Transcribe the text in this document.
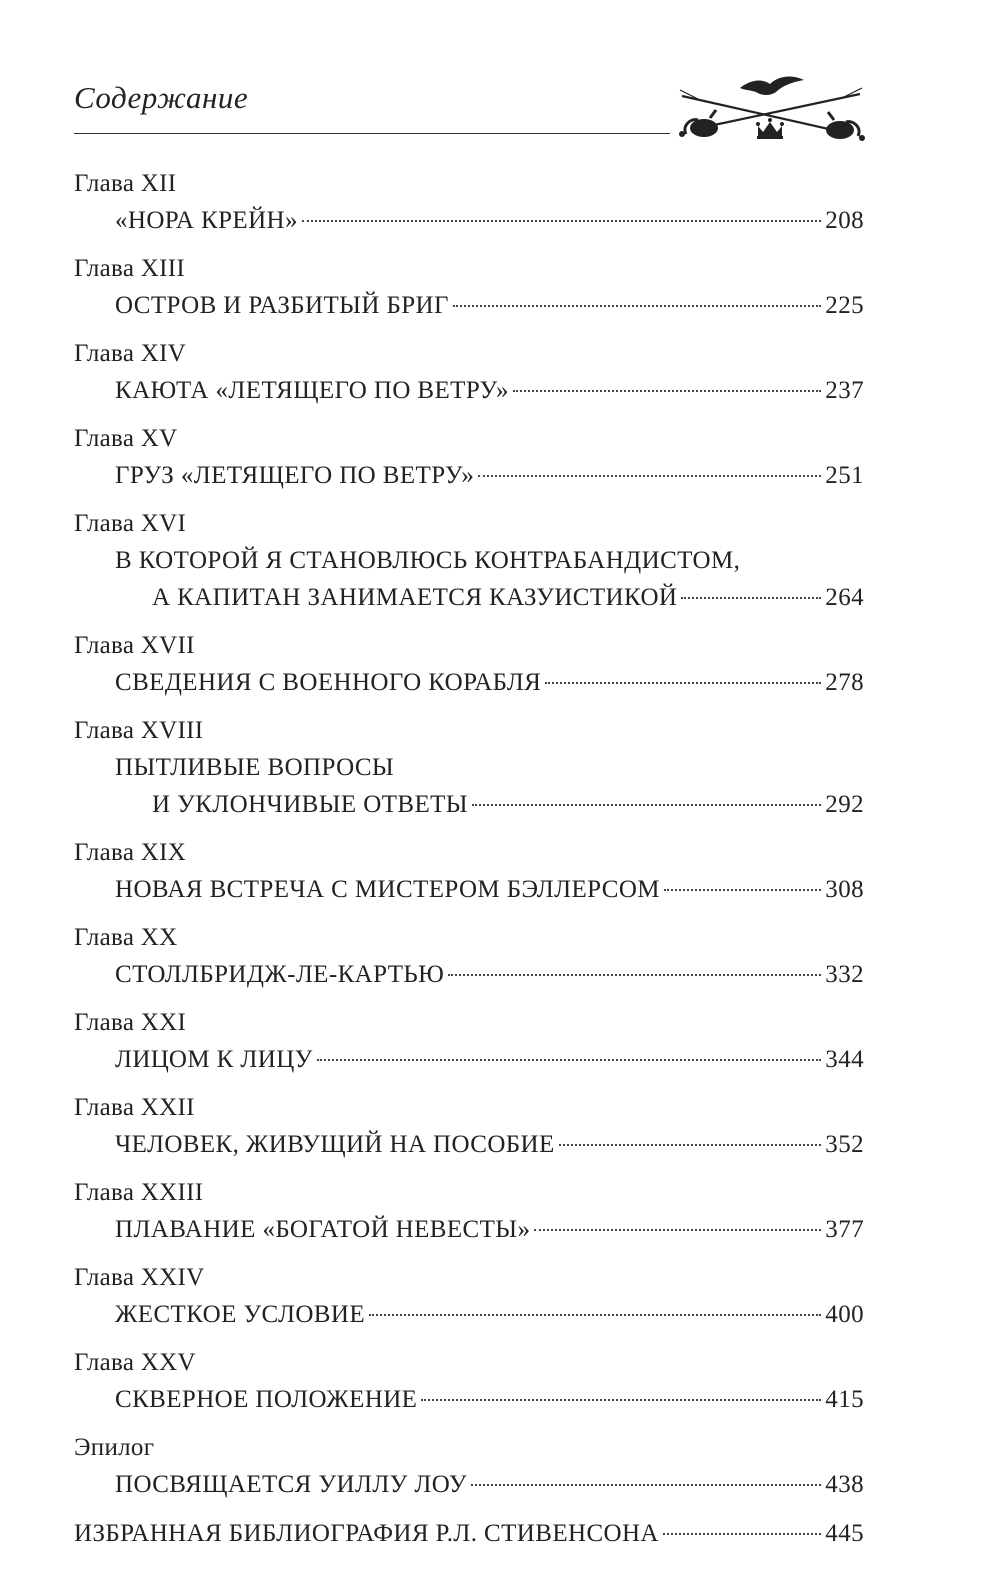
Содержание
Глава XII
«НОРА КРЕЙН»	208
Глава XIII
ОСТРОВ И РАЗБИТЫЙ БРИГ	225
Глава XIV
КАЮТА «ЛЕТЯЩЕГО ПО ВЕТРУ»	237
Глава XV
ГРУЗ «ЛЕТЯЩЕГО ПО ВЕТРУ»	251
Глава XVI
В КОТОРОЙ Я СТАНОВЛЮСЬ КОНТРАБАНДИСТОМ,
А КАПИТАН ЗАНИМАЕТСЯ КАЗУИСТИКОЙ	264
Глава XVII
СВЕДЕНИЯ С ВОЕННОГО КОРАБЛЯ	278
Глава XVIII
ПЫТЛИВЫЕ ВОПРОСЫ
И УКЛОНЧИВЫЕ ОТВЕТЫ	292
Глава XIX
НОВАЯ ВСТРЕЧА С МИСТЕРОМ БЭЛЛЕРСОМ	308
Глава XX
СТОЛЛБРИДЖ-ЛЕ-КАРТЬЮ	332
Глава XXI
ЛИЦОМ К ЛИЦУ	344
Глава XXII
ЧЕЛОВЕК, ЖИВУЩИЙ НА ПОСОБИЕ	352
Глава XXIII
ПЛАВАНИЕ «БОГАТОЙ НЕВЕСТЫ»	377
Глава XXIV
ЖЕСТКОЕ УСЛОВИЕ	400
Глава XXV
СКВЕРНОЕ ПОЛОЖЕНИЕ	415
Эпилог
ПОСВЯЩАЕТСЯ УИЛЛУ ЛОУ	438
ИЗБРАННАЯ БИБЛИОГРАФИЯ Р.Л. СТИВЕНСОНА	445
